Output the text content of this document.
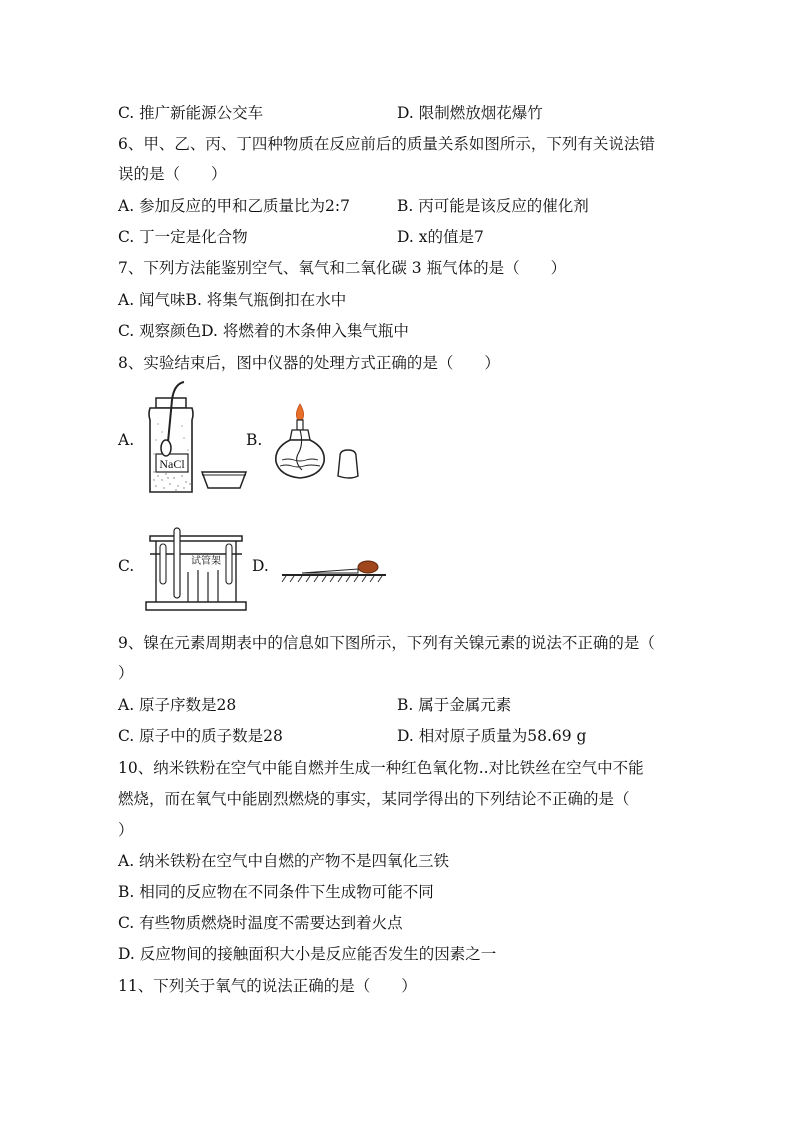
C. 推广新能源公交车	D. 限制燃放烟花爆竹
6、甲、乙、丙、丁四种物质在反应前后的质量关系如图所示，下列有关说法错
误的是（　　）
A. 参加反应的甲和乙质量比为2:7	B. 丙可能是该反应的催化剂
C. 丁一定是化合物	D. x的值是7
7、下列方法能鉴别空气、氧气和二氧化碳 3 瓶气体的是（　　）
A. 闻气味B. 将集气瓶倒扣在水中
C. 观察颜色D. 将燃着的木条伸入集气瓶中
8、实验结束后，图中仪器的处理方式正确的是（　　）
A.	B.
C.	D.
NaCl
试管架
9、镍在元素周期表中的信息如下图所示，下列有关镍元素的说法不正确的是（
）
A. 原子序数是28	B. 属于金属元素
C. 原子中的质子数是28	D. 相对原子质量为58.69 g
10、纳米铁粉在空气中能自燃并生成一种红色氧化物..对比铁丝在空气中不能
燃烧，而在氧气中能剧烈燃烧的事实，某同学得出的下列结论不正确的是（
）
A. 纳米铁粉在空气中自燃的产物不是四氧化三铁
B. 相同的反应物在不同条件下生成物可能不同
C. 有些物质燃烧时温度不需要达到着火点
D. 反应物间的接触面积大小是反应能否发生的因素之一
11、下列关于氧气的说法正确的是（　　）
